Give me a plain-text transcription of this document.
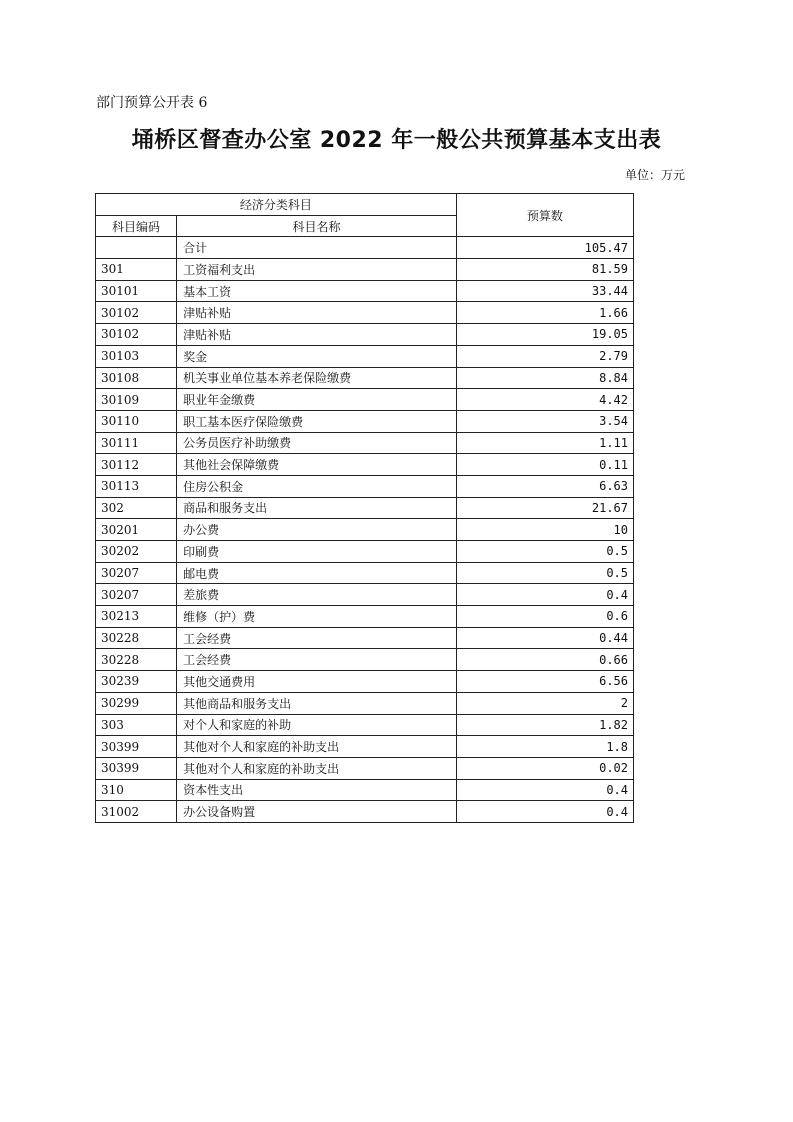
部门预算公开表 6
埇桥区督查办公室 2022 年一般公共预算基本支出表
单位：万元
经济分类科目		预算数
科目编码	科目名称	
	合计	105.47
301	工资福利支出	81.59
30101	基本工资	33.44
30102	津贴补贴	1.66
30102	津贴补贴	19.05
30103	奖金	2.79
30108	机关事业单位基本养老保险缴费	8.84
30109	职业年金缴费	4.42
30110	职工基本医疗保险缴费	3.54
30111	公务员医疗补助缴费	1.11
30112	其他社会保障缴费	0.11
30113	住房公积金	6.63
302	商品和服务支出	21.67
30201	办公费	10
30202	印刷费	0.5
30207	邮电费	0.5
30207	差旅费	0.4
30213	维修（护）费	0.6
30228	工会经费	0.44
30228	工会经费	0.66
30239	其他交通费用	6.56
30299	其他商品和服务支出	2
303	对个人和家庭的补助	1.82
30399	其他对个人和家庭的补助支出	1.8
30399	其他对个人和家庭的补助支出	0.02
310	资本性支出	0.4
31002	办公设备购置	0.4
